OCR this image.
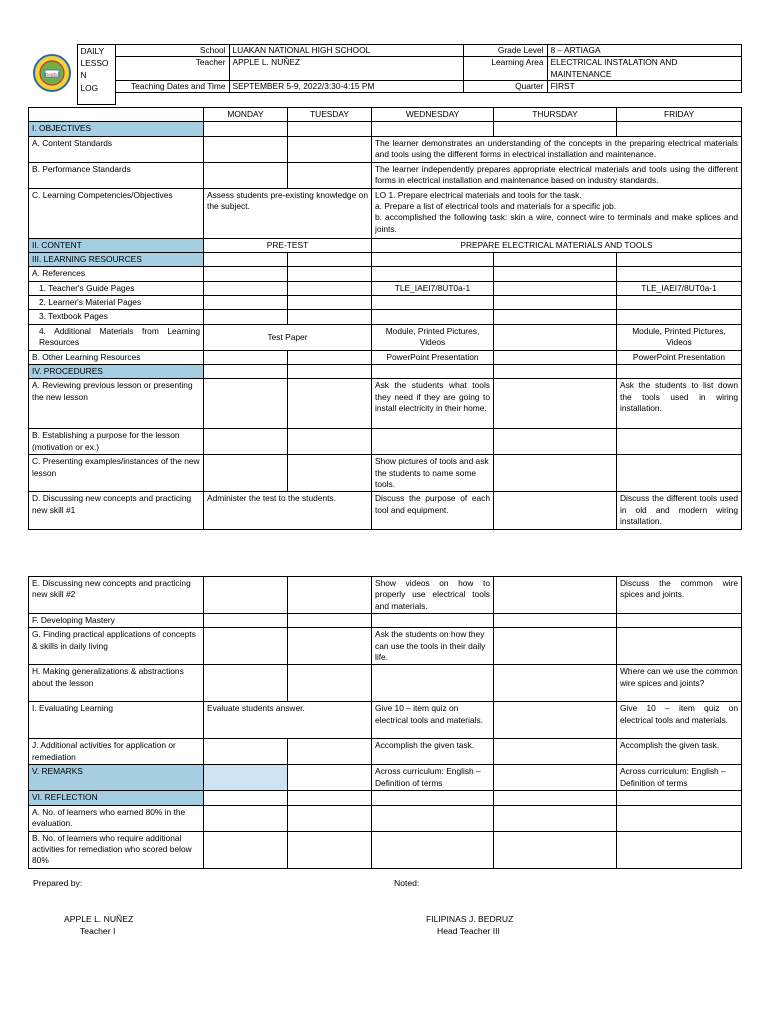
DepEd	DAILY
LESSO
N
LOG	School	LUAKAN NATIONAL HIGH SCHOOL	Grade Level	8 – ARTIAGA
		Teacher	APPLE L. NUÑEZ	Learning Area	ELECTRICAL INSTALATION AND MAINTENANCE
		Teaching Dates and Time	SEPTEMBER 5-9, 2022/3:30-4:15 PM	Quarter	FIRST

	MONDAY	TUESDAY	WEDNESDAY	THURSDAY	FRIDAY
I. OBJECTIVES					
A. Content Standards			The learner demonstrates an understanding of the concepts in the preparing electrical materials and tools using the different forms in electrical installation and maintenance.		
B. Performance Standards			The learner independently prepares appropriate electrical materials and tools using the different forms in electrical installation and maintenance based on industry standards.		
C. Learning Competencies/Objectives	Assess students pre-existing knowledge on the subject.		LO 1. Prepare electrical materials and tools for the task.
a. Prepare a list of electrical tools and materials for a specific job.
b. accomplished the following task: skin a wire, connect wire to terminals and make splices and joints.		

II. CONTENT	PRE-TEST		PREPARE ELECTRICAL MATERIALS AND TOOLS		
III. LEARNING RESOURCES					
A. References					
1. Teacher's Guide Pages			TLE_IAEI7/8UT0a-1		TLE_IAEI7/8UT0a-1
2. Learner's Material Pages					
3. Textbook Pages					
4. Additional Materials from Learning Resources	Test Paper		Module, Printed Pictures, Videos		Module, Printed Pictures, Videos
B. Other Learning Resources			PowerPoint Presentation		PowerPoint Presentation
IV. PROCEDURES					
A. Reviewing previous lesson or presenting the new lesson			Ask the students what tools they need if they are going to install electricity in their home.		Ask the students to list down the tools used in wiring installation.
B. Establishing a purpose for the lesson (motivation or ex.)					
C. Presenting examples/instances of the new lesson			Show pictures of tools and ask the students to name some tools.		
D. Discussing new concepts and practicing new skill #1	Administer the test to the students.		Discuss the purpose of each tool and equipment.		Discuss the different tools used in old and modern wiring installation.
E. Discussing new concepts and practicing new skill #2			Show videos on how to properly use electrical tools and materials.		Discuss the common wire spices and joints.
F. Developing Mastery					
G. Finding practical applications of concepts & skills in daily living			Ask the students on how they can use the tools in their daily life.		
H. Making generalizations & abstractions about the lesson					Where can we use the common wire spices and joints?
I. Evaluating Learning	Evaluate students answer.		Give 10 – item quiz on electrical tools and materials.		Give 10 – item quiz on electrical tools and materials.
J. Additional activities for application or remediation			Accomplish the given task.		Accomplish the given task.
V. REMARKS			Across curriculum: English – Definition of terms		Across curriculum: English – Definition of terms
VI. REFLECTION					
A. No. of learners who earned 80% in the evaluation.					
B. No. of learners who require additional activities for remediation who scored below 80%					
Prepared by:	Noted:
APPLE L. NUÑEZ
Teacher I
FILIPINAS J. BEDRUZ
Head Teacher III
